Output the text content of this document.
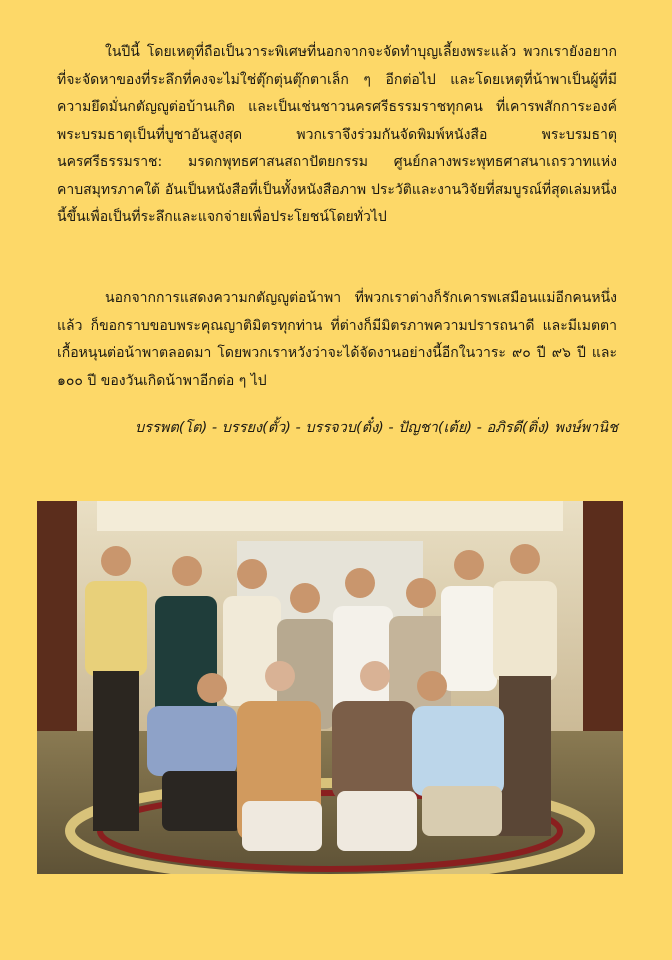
ในปีนี้ โดยเหตุที่ถือเป็นวาระพิเศษที่นอกจากจะจัดทำบุญเลี้ยงพระแล้ว พวกเรายังอยากที่จะจัดหาของที่ระลึกที่คงจะไม่ใช่ตุ๊กตุ่นตุ๊กตาเล็ก ๆ อีกต่อไป และโดยเหตุที่น้าพาเป็นผู้ที่มีความยึดมั่นกตัญญูต่อบ้านเกิด และเป็นเช่นชาวนครศรีธรรมราชทุกคน ที่เคารพสักการะองค์พระบรมธาตุเป็นที่บูชาอันสูงสุด พวกเราจึงร่วมกันจัดพิมพ์หนังสือ พระบรมธาตุนครศรีธรรมราช: มรดกพุทธศาสนสถาปัตยกรรม ศูนย์กลางพระพุทธศาสนาเถรวาทแห่งคาบสมุทรภาคใต้ อันเป็นหนังสือที่เป็นทั้งหนังสือภาพ ประวัติและงานวิจัยที่สมบูรณ์ที่สุดเล่มหนึ่งนี้ขึ้นเพื่อเป็นที่ระลึกและแจกจ่ายเพื่อประโยชน์โดยทั่วไป

นอกจากการแสดงความกตัญญูต่อน้าพา ที่พวกเราต่างก็รักเคารพเสมือนแม่อีกคนหนึ่งแล้ว ก็ขอกราบขอบพระคุณญาติมิตรทุกท่าน ที่ต่างก็มีมิตรภาพความปรารถนาดี และมีเมตตาเกื้อหนุนต่อน้าพาตลอดมา โดยพวกเราหวังว่าจะได้จัดงานอย่างนี้อีกในวาระ ๙๐ ปี ๙๖ ปี และ ๑๐๐ ปี ของวันเกิดน้าพาอีกต่อ ๆ ไป

บรรพต(โต) - บรรยง(ตั้ว) - บรรจวบ(ตั๋ง) - ปัญชา(เต้ย) - อภิรดี(ติ่ง) พงษ์พานิช
